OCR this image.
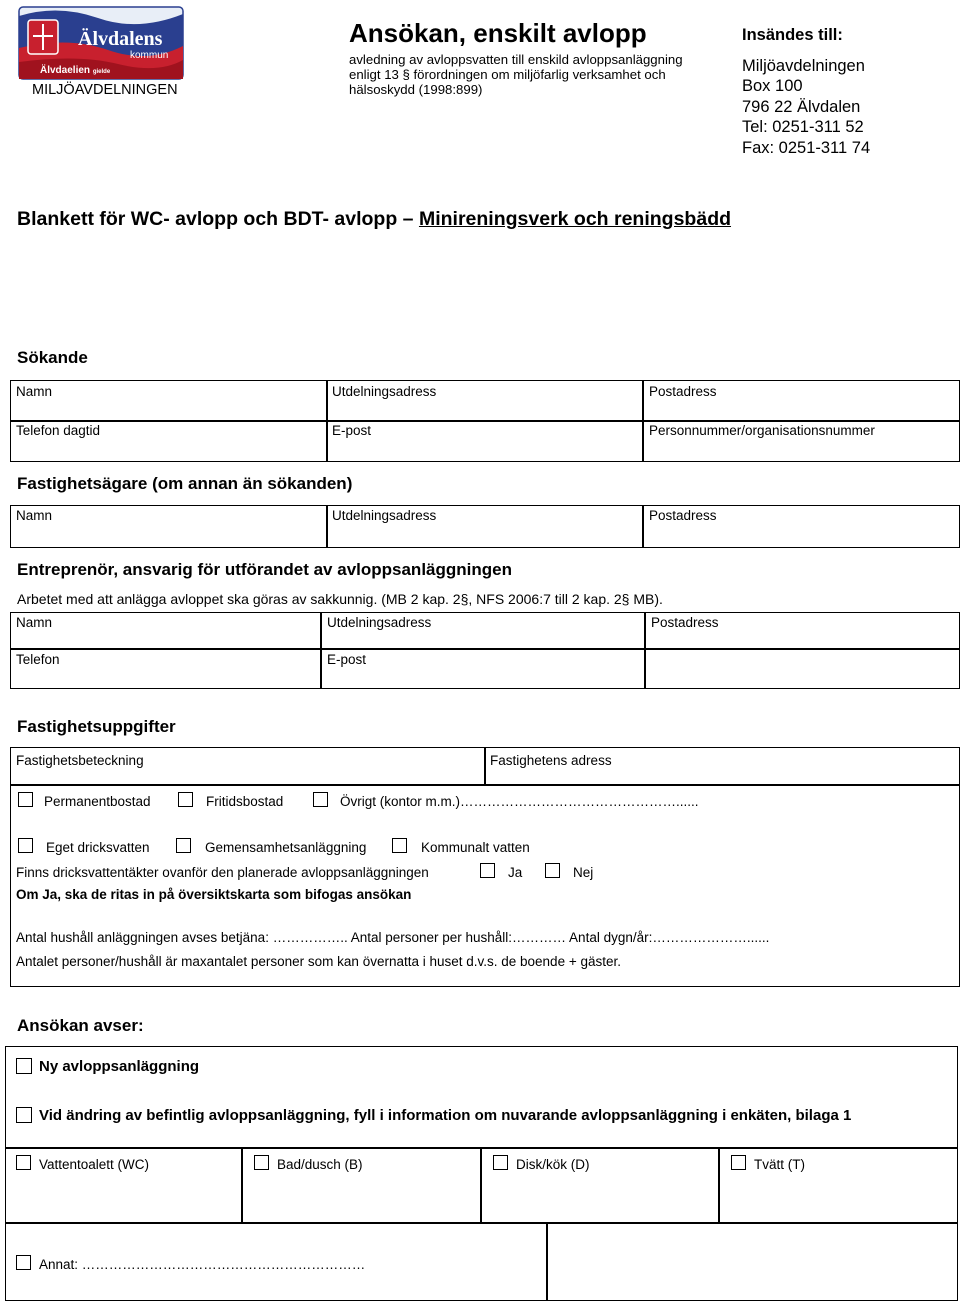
Älvdalens
kommun
Älvdaelien gielde
MILJÖAVDELNINGEN
Ansökan, enskilt avlopp
avledning av avloppsvatten till enskild avloppsanläggning
enligt 13 § förordningen om miljöfarlig verksamhet och
hälsoskydd (1998:899)
Insändes till:
Miljöavdelningen
Box 100
796 22 Älvdalen
Tel: 0251-311 52
Fax: 0251-311 74
Blankett för WC- avlopp och BDT- avlopp – Minireningsverk och reningsbädd
Sökande
Namn	Utdelningsadress	Postadress
Telefon dagtid	E-post	Personnummer/organisationsnummer
Fastighetsägare (om annan än sökanden)
Namn	Utdelningsadress	Postadress
Entreprenör, ansvarig för utförandet av avloppsanläggningen
Arbetet med att anlägga avloppet ska göras av sakkunnig. (MB 2 kap. 2§, NFS 2006:7 till 2 kap. 2§ MB).
Namn	Utdelningsadress	Postadress
Telefon	E-post
Fastighetsuppgifter
Fastighetsbeteckning	Fastighetens adress
Permanentbostad	Fritidsbostad	Övrigt (kontor m.m.)…………………………………………......
Eget dricksvatten	Gemensamhetsanläggning	Kommunalt vatten
Finns dricksvattentäkter ovanför den planerade avloppsanläggningen	Ja	Nej
Om Ja, ska de ritas in på översiktskarta som bifogas ansökan
Antal hushåll anläggningen avses betjäna: …………….. Antal personer per hushåll:………… Antal dygn/år:…………………......
Antalet personer/hushåll är maxantalet personer som kan övernatta i huset d.v.s. de boende + gäster.
Ansökan avser:
Ny avloppsanläggning
Vid ändring av befintlig avloppsanläggning, fyll i information om nuvarande avloppsanläggning i enkäten, bilaga 1
Vattentoalett (WC)	Bad/dusch (B)	Disk/kök (D)	Tvätt (T)
Annat: ………………………………………………………
